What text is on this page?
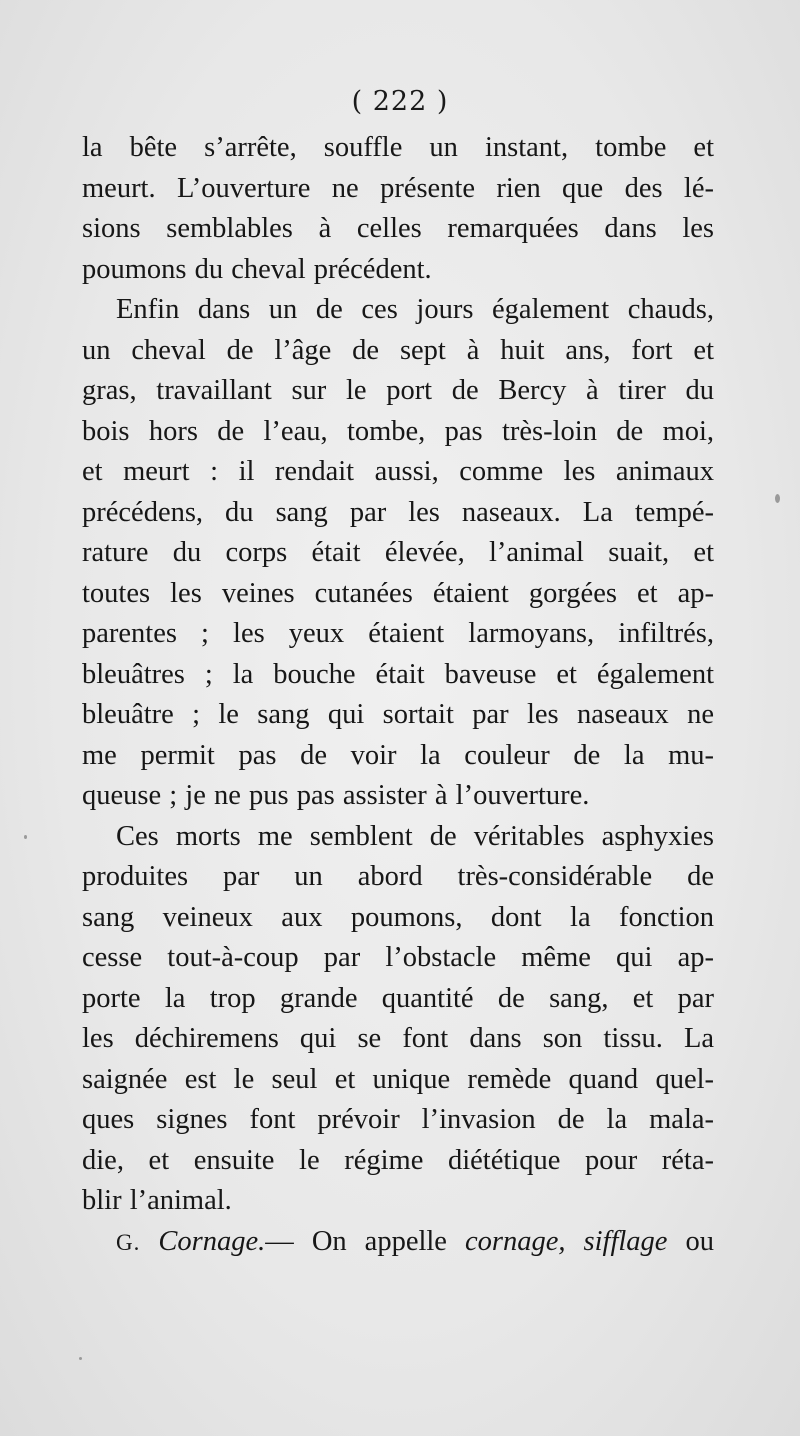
( 222 )
la bête s’arrête, souffle un instant, tombe et
meurt. L’ouverture ne présente rien que des lé-
sions semblables à celles remarquées dans les
poumons du cheval précédent.
Enfin dans un de ces jours également chauds,
un cheval de l’âge de sept à huit ans, fort et
gras, travaillant sur le port de Bercy à tirer du
bois hors de l’eau, tombe, pas très-loin de moi,
et meurt : il rendait aussi, comme les animaux
précédens, du sang par les naseaux. La tempé-
rature du corps était élevée, l’animal suait, et
toutes les veines cutanées étaient gorgées et ap-
parentes ; les yeux étaient larmoyans, infiltrés,
bleuâtres ; la bouche était baveuse et également
bleuâtre ; le sang qui sortait par les naseaux ne
me permit pas de voir la couleur de la mu-
queuse ; je ne pus pas assister à l’ouverture.
Ces morts me semblent de véritables asphyxies
produites par un abord très-considérable de
sang veineux aux poumons, dont la fonction
cesse tout-à-coup par l’obstacle même qui ap-
porte la trop grande quantité de sang, et par
les déchiremens qui se font dans son tissu. La
saignée est le seul et unique remède quand quel-
ques signes font prévoir l’invasion de la mala-
die, et ensuite le régime diététique pour réta-
blir l’animal.
G. Cornage.— On appelle cornage, sifflage ou
